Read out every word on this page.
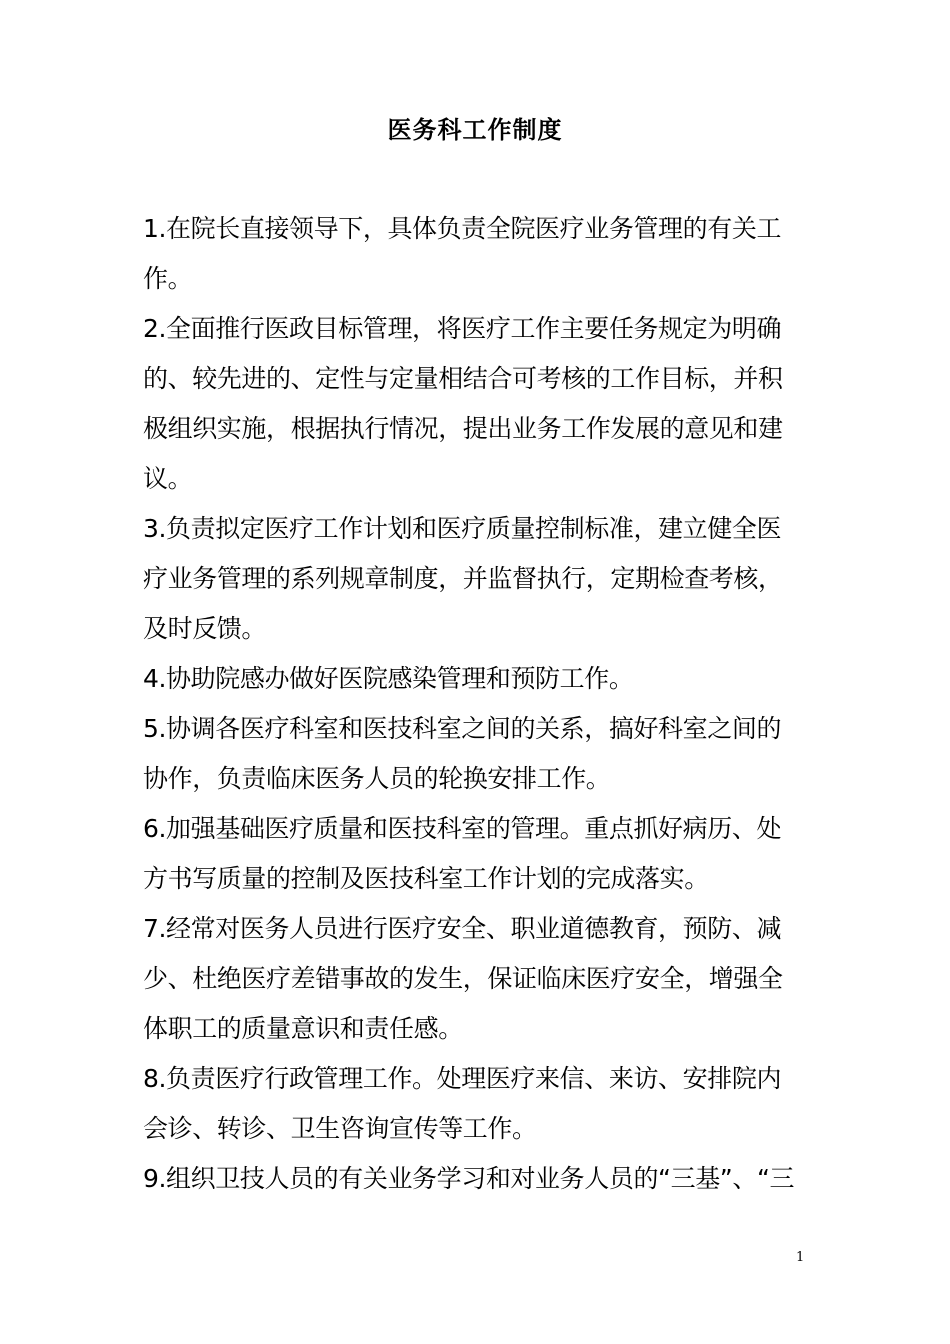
医务科工作制度
1.在院长直接领导下，具体负责全院医疗业务管理的有关工
作。
2.全面推行医政目标管理，将医疗工作主要任务规定为明确
的、较先进的、定性与定量相结合可考核的工作目标，并积
极组织实施，根据执行情况，提出业务工作发展的意见和建
议。
3.负责拟定医疗工作计划和医疗质量控制标准，建立健全医
疗业务管理的系列规章制度，并监督执行，定期检查考核，
及时反馈。
4.协助院感办做好医院感染管理和预防工作。
5.协调各医疗科室和医技科室之间的关系，搞好科室之间的
协作，负责临床医务人员的轮换安排工作。
6.加强基础医疗质量和医技科室的管理。重点抓好病历、处
方书写质量的控制及医技科室工作计划的完成落实。
7.经常对医务人员进行医疗安全、职业道德教育，预防、减
少、杜绝医疗差错事故的发生，保证临床医疗安全，增强全
体职工的质量意识和责任感。
8.负责医疗行政管理工作。处理医疗来信、来访、安排院内
会诊、转诊、卫生咨询宣传等工作。
9.组织卫技人员的有关业务学习和对业务人员的“三基”、“三
1
